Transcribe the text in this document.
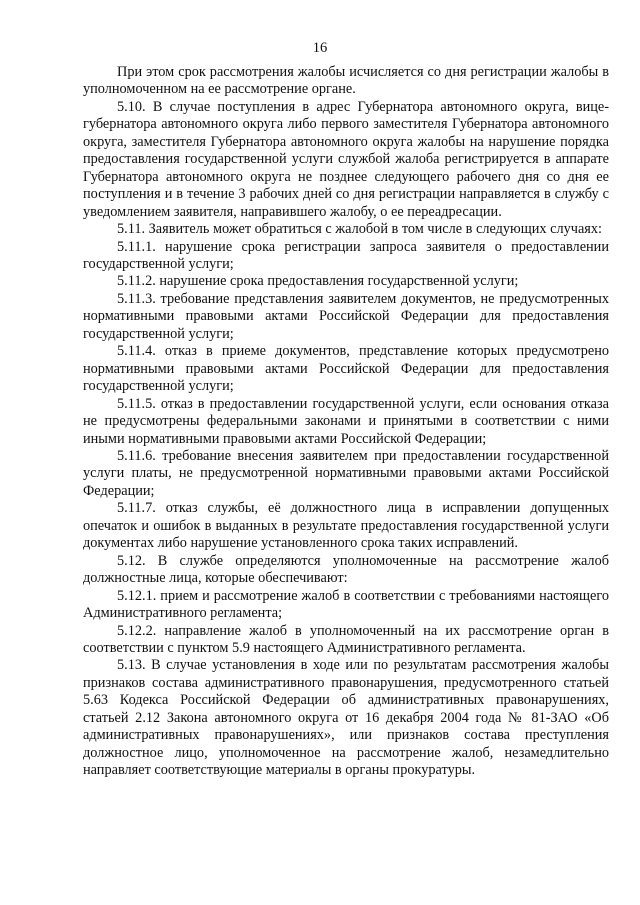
16

При этом срок рассмотрения жалобы исчисляется со дня регистрации жалобы в уполномоченном на ее рассмотрение органе.

5.10. В случае поступления в адрес Губернатора автономного округа, вице-губернатора автономного округа либо первого заместителя Губернатора автономного округа, заместителя Губернатора автономного округа жалобы на нарушение порядка предоставления государственной услуги службой жалоба регистрируется в аппарате Губернатора автономного округа не позднее следующего рабочего дня со дня ее поступления и в течение 3 рабочих дней со дня регистрации направляется в службу с уведомлением заявителя, направившего жалобу, о ее переадресации.

5.11. Заявитель может обратиться с жалобой в том числе в следующих случаях:

5.11.1. нарушение срока регистрации запроса заявителя о предоставлении государственной услуги;

5.11.2. нарушение срока предоставления государственной услуги;

5.11.3. требование представления заявителем документов, не предусмотренных нормативными правовыми актами Российской Федерации для предоставления государственной услуги;

5.11.4. отказ в приеме документов, представление которых предусмотрено нормативными правовыми актами Российской Федерации для предоставления государственной услуги;

5.11.5. отказ в предоставлении государственной услуги, если основания отказа не предусмотрены федеральными законами и принятыми в соответствии с ними иными нормативными правовыми актами Российской Федерации;

5.11.6. требование внесения заявителем при предоставлении государственной услуги платы, не предусмотренной нормативными правовыми актами Российской Федерации;

5.11.7. отказ службы, её должностного лица в исправлении допущенных опечаток и ошибок в выданных в результате предоставления государственной услуги документах либо нарушение установленного срока таких исправлений.

5.12. В службе определяются уполномоченные на рассмотрение жалоб должностные лица, которые обеспечивают:

5.12.1. прием и рассмотрение жалоб в соответствии с требованиями настоящего Административного регламента;

5.12.2. направление жалоб в уполномоченный на их рассмотрение орган в соответствии с пунктом 5.9 настоящего Административного регламента.

5.13. В случае установления в ходе или по результатам рассмотрения жалобы признаков состава административного правонарушения, предусмотренного статьей 5.63 Кодекса Российской Федерации об административных правонарушениях, статьей 2.12 Закона автономного округа от 16 декабря 2004 года № 81-ЗАО «Об административных правонарушениях», или признаков состава преступления должностное лицо, уполномоченное на рассмотрение жалоб, незамедлительно направляет соответствующие материалы в органы прокуратуры.
